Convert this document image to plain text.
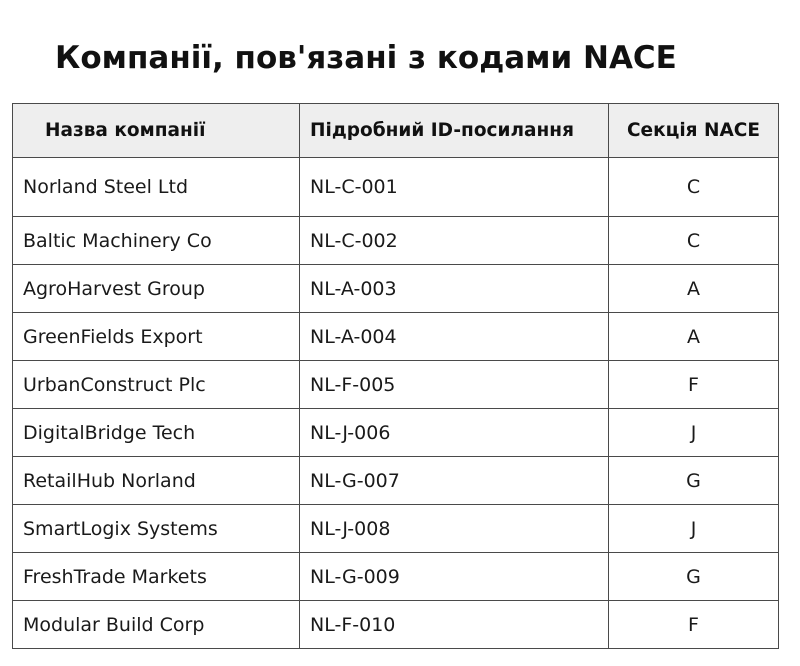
Компанії, пов'язані з кодами NACE
Назва компанії	Підробний ID-посилання	Секція NACE
Norland Steel Ltd	NL-C-001	C
Baltic Machinery Co	NL-C-002	C
AgroHarvest Group	NL-A-003	A
GreenFields Export	NL-A-004	A
UrbanConstruct Plc	NL-F-005	F
DigitalBridge Tech	NL-J-006	J
RetailHub Norland	NL-G-007	G
SmartLogix Systems	NL-J-008	J
FreshTrade Markets	NL-G-009	G
Modular Build Corp	NL-F-010	F
